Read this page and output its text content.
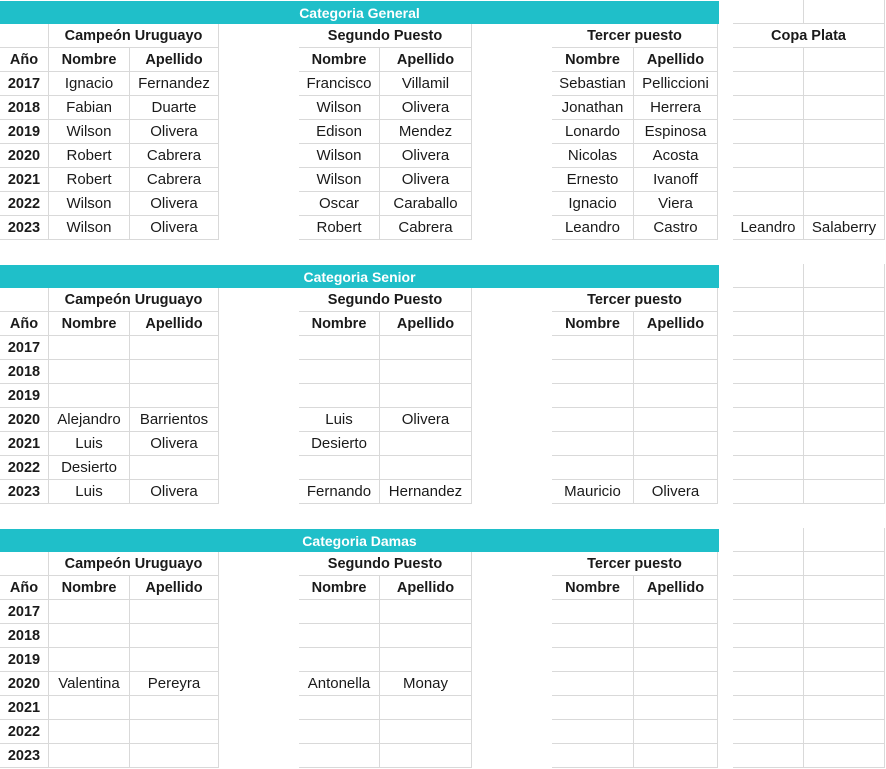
Categoria General
Campeón Uruguayo	Segundo Puesto	Tercer puesto	Copa Plata
Año	Nombre	Apellido	Nombre	Apellido	Nombre	Apellido
2017	Ignacio	Fernandez	Francisco	Villamil	Sebastian	Pelliccioni
2018	Fabian	Duarte	Wilson	Olivera	Jonathan	Herrera
2019	Wilson	Olivera	Edison	Mendez	Lonardo	Espinosa
2020	Robert	Cabrera	Wilson	Olivera	Nicolas	Acosta
2021	Robert	Cabrera	Wilson	Olivera	Ernesto	Ivanoff
2022	Wilson	Olivera	Oscar	Caraballo	Ignacio	Viera
2023	Wilson	Olivera	Robert	Cabrera	Leandro	Castro	Leandro	Salaberry
Categoria Senior
Campeón Uruguayo	Segundo Puesto	Tercer puesto
Año	Nombre	Apellido	Nombre	Apellido	Nombre	Apellido
2017
2018
2019
2020	Alejandro	Barrientos	Luis	Olivera
2021	Luis	Olivera	Desierto
2022	Desierto
2023	Luis	Olivera	Fernando	Hernandez	Mauricio	Olivera
Categoria Damas
Campeón Uruguayo	Segundo Puesto	Tercer puesto
Año	Nombre	Apellido	Nombre	Apellido	Nombre	Apellido
2017
2018
2019
2020	Valentina	Pereyra	Antonella	Monay
2021
2022
2023
